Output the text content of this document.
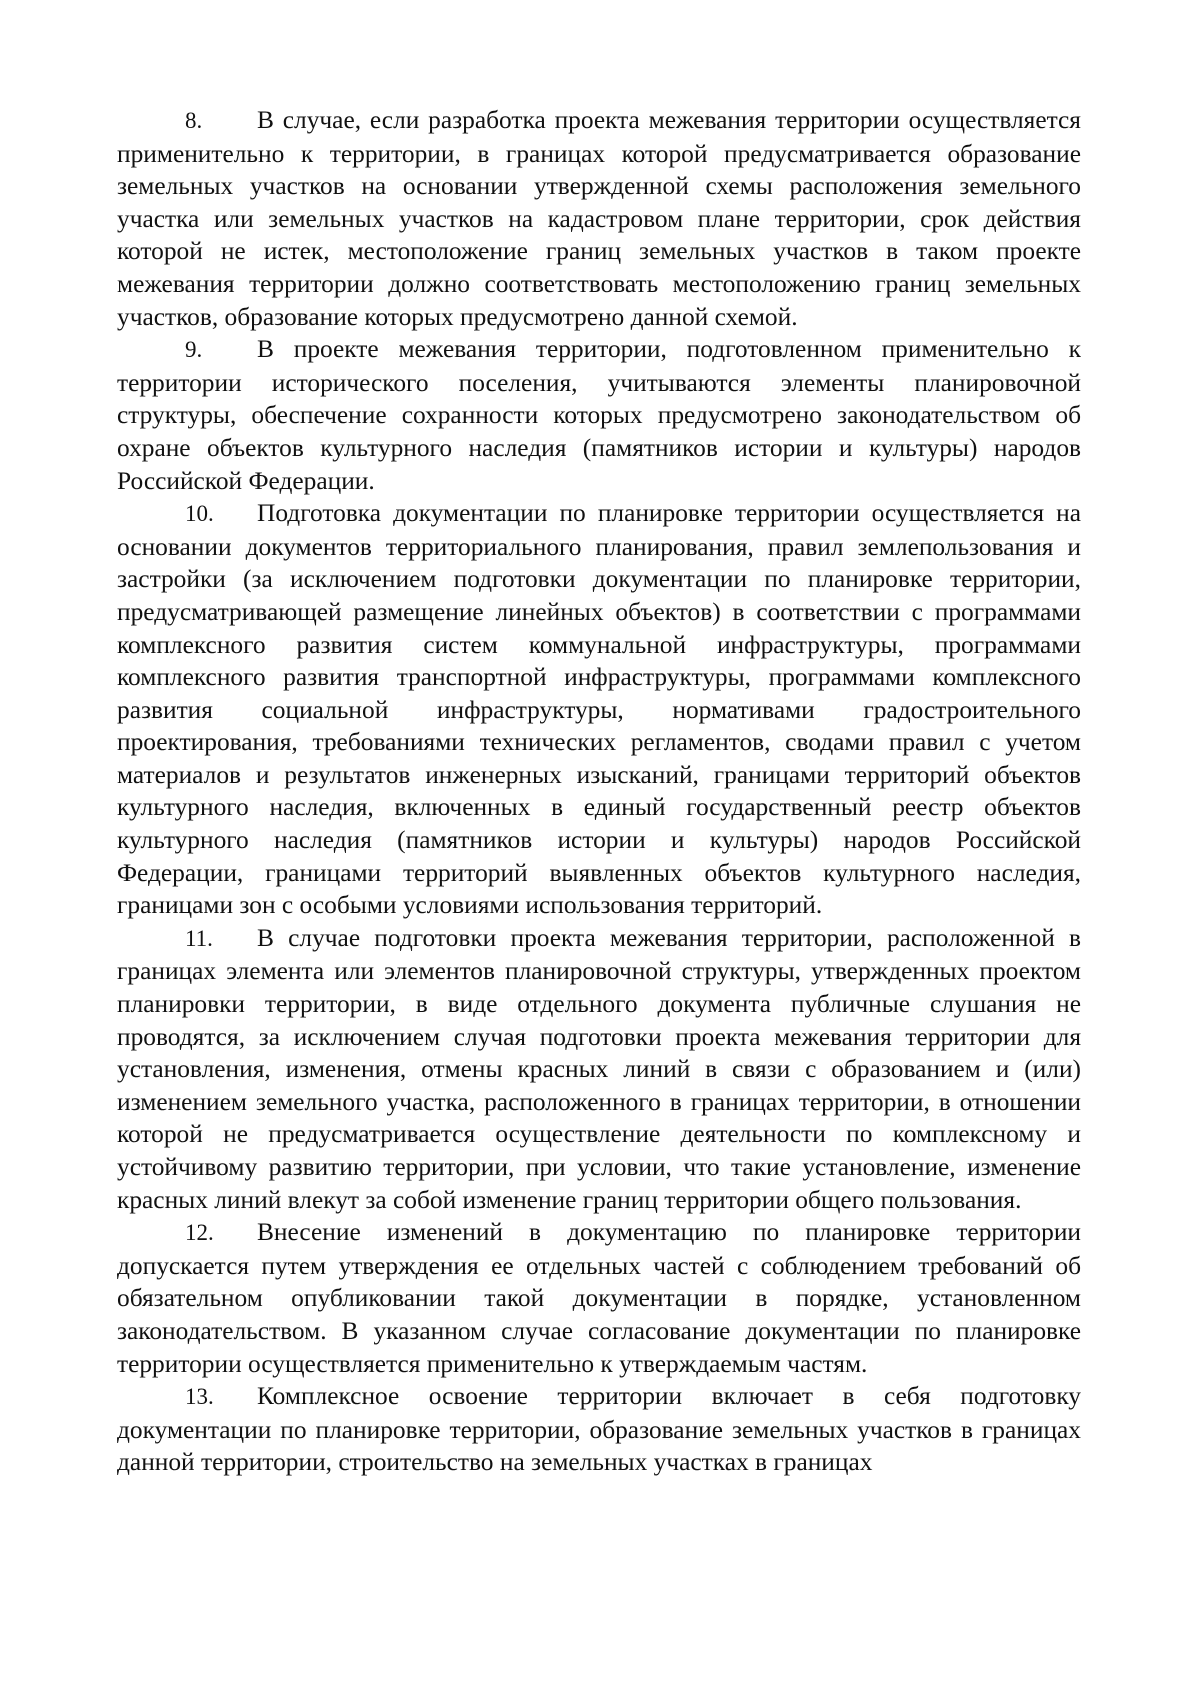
8. В случае, если разработка проекта межевания территории осуществляется применительно к территории, в границах которой предусматривается образование земельных участков на основании утвержденной схемы расположения земельного участка или земельных участков на кадастровом плане территории, срок действия которой не истек, местоположение границ земельных участков в таком проекте межевания территории должно соответствовать местоположению границ земельных участков, образование которых предусмотрено данной схемой.

9. В проекте межевания территории, подготовленном применительно к территории исторического поселения, учитываются элементы планировочной структуры, обеспечение сохранности которых предусмотрено законодательством об охране объектов культурного наследия (памятников истории и культуры) народов Российской Федерации.

10. Подготовка документации по планировке территории осуществляется на основании документов территориального планирования, правил землепользования и застройки (за исключением подготовки документации по планировке территории, предусматривающей размещение линейных объектов) в соответствии с программами комплексного развития систем коммунальной инфраструктуры, программами комплексного развития транспортной инфраструктуры, программами комплексного развития социальной инфраструктуры, нормативами градостроительного проектирования, требованиями технических регламентов, сводами правил с учетом материалов и результатов инженерных изысканий, границами территорий объектов культурного наследия, включенных в единый государственный реестр объектов культурного наследия (памятников истории и культуры) народов Российской Федерации, границами территорий выявленных объектов культурного наследия, границами зон с особыми условиями использования территорий.

11. В случае подготовки проекта межевания территории, расположенной в границах элемента или элементов планировочной структуры, утвержденных проектом планировки территории, в виде отдельного документа публичные слушания не проводятся, за исключением случая подготовки проекта межевания территории для установления, изменения, отмены красных линий в связи с образованием и (или) изменением земельного участка, расположенного в границах территории, в отношении которой не предусматривается осуществление деятельности по комплексному и устойчивому развитию территории, при условии, что такие установление, изменение красных линий влекут за собой изменение границ территории общего пользования.

12. Внесение изменений в документацию по планировке территории допускается путем утверждения ее отдельных частей с соблюдением требований об обязательном опубликовании такой документации в порядке, установленном законодательством. В указанном случае согласование документации по планировке территории осуществляется применительно к утверждаемым частям.

13. Комплексное освоение территории включает в себя подготовку документации по планировке территории, образование земельных участков в границах данной территории, строительство на земельных участках в границах
